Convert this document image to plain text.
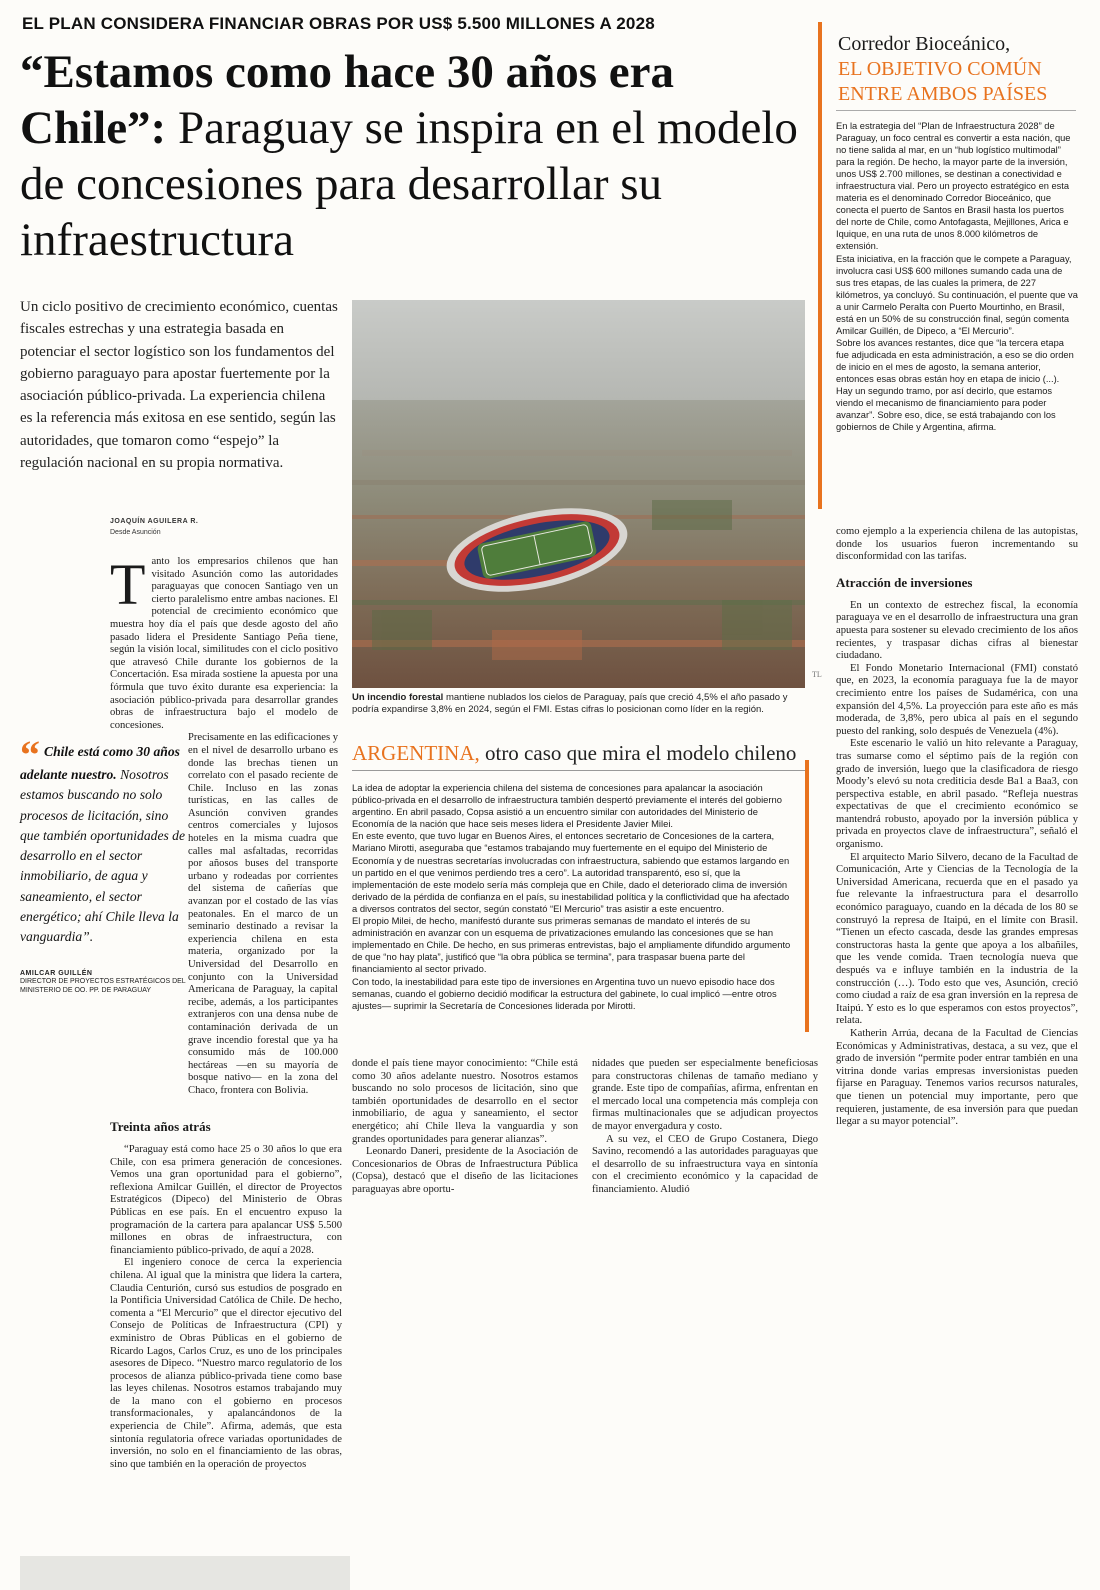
EL PLAN CONSIDERA FINANCIAR OBRAS POR US$ 5.500 MILLONES A 2028
“Estamos como hace 30 años era Chile”: Paraguay se inspira en el modelo de concesiones para desarrollar su infraestructura

Un ciclo positivo de crecimiento económico, cuentas fiscales estrechas y una estrategia basada en potenciar el sector logístico son los fundamentos del gobierno paraguayo para apostar fuertemente por la asociación público-privada. La experiencia chilena es la referencia más exitosa en ese sentido, según las autoridades, que tomaron como “espejo” la regulación nacional en su propia normativa.

JOAQUÍN AGUILERA R.
Desde Asunción
T anto los empresarios chilenos que han visitado Asunción como las autoridades paraguayas que conocen Santiago ven un cierto paralelismo entre ambas naciones. El potencial de crecimiento económico que muestra hoy día el país que desde agosto del año pasado lidera el Presidente Santiago Peña tiene, según la visión local, similitudes con el ciclo positivo que atravesó Chile durante los gobiernos de la Concertación. Esa mirada sostiene la apuesta por una fórmula que tuvo éxito durante esa experiencia: la asociación público-privada para desarrollar grandes obras de infraestructura bajo el modelo de concesiones.

Precisamente en las edificaciones y en el nivel de desarrollo urbano es donde las brechas tienen un correlato con el pasado reciente de Chile. Incluso en las zonas turísticas, en las calles de Asunción conviven grandes centros comerciales y lujosos hoteles en la misma cuadra que calles mal asfaltadas, recorridas por añosos buses del transporte urbano y rodeadas por corrientes del sistema de cañerías que avanzan por el costado de las vías peatonales. En el marco de un seminario destinado a revisar la experiencia chilena en esta materia, organizado por la Universidad del Desarrollo en conjunto con la Universidad Americana de Paraguay, la capital recibe, además, a los participantes extranjeros con una densa nube de contaminación derivada de un grave incendio forestal que ya ha consumido más de 100.000 hectáreas —en su mayoría de bosque nativo— en la zona del Chaco, frontera con Bolivia.

“ Chile está como 30 años adelante nuestro. Nosotros estamos buscando no solo procesos de licitación, sino que también oportunidades de desarrollo en el sector inmobiliario, de agua y saneamiento, el sector energético; ahí Chile lleva la vanguardia”.
AMILCAR GUILLÉN
DIRECTOR DE PROYECTOS ESTRATÉGICOS DEL MINISTERIO DE OO. PP. DE PARAGUAY

Treinta años atrás

“Paraguay está como hace 25 o 30 años lo que era Chile, con esa primera generación de concesiones. Vemos una gran oportunidad para el gobierno”, reflexiona Amilcar Guillén, el director de Proyectos Estratégicos (Dipeco) del Ministerio de Obras Públicas en ese país. En el encuentro expuso la programación de la cartera para apalancar US$ 5.500 millones en obras de infraestructura, con financiamiento público-privado, de aquí a 2028.

El ingeniero conoce de cerca la experiencia chilena. Al igual que la ministra que lidera la cartera, Claudia Centurión, cursó sus estudios de posgrado en la Pontificia Universidad Católica de Chile. De hecho, comenta a “El Mercurio” que el director ejecutivo del Consejo de Políticas de Infraestructura (CPI) y exministro de Obras Públicas en el gobierno de Ricardo Lagos, Carlos Cruz, es uno de los principales asesores de Dipeco. “Nuestro marco regulatorio de los procesos de alianza público-privada tiene como base las leyes chilenas. Nosotros estamos trabajando muy de la mano con el gobierno en procesos transformacionales, y apalancándonos de la experiencia de Chile”. Afirma, además, que esta sintonía regulatoria ofrece variadas oportunidades de inversión, no solo en el financiamiento de las obras, sino que también en la operación de proyectos

donde el país tiene mayor conocimiento: “Chile está como 30 años adelante nuestro. Nosotros estamos buscando no solo procesos de licitación, sino que también oportunidades de desarrollo en el sector inmobiliario, de agua y saneamiento, el sector energético; ahí Chile lleva la vanguardia y son grandes oportunidades para generar alianzas”.

Leonardo Daneri, presidente de la Asociación de Concesionarios de Obras de Infraestructura Pública (Copsa), destacó que el diseño de las licitaciones paraguayas abre oportu-

nidades que pueden ser especialmente beneficiosas para constructoras chilenas de tamaño mediano y grande. Este tipo de compañías, afirma, enfrentan en el mercado local una competencia más compleja con firmas multinacionales que se adjudican proyectos de mayor envergadura y costo.

A su vez, el CEO de Grupo Costanera, Diego Savino, recomendó a las autoridades paraguayas que el desarrollo de su infraestructura vaya en sintonía con el crecimiento económico y la capacidad de financiamiento. Aludió

Un incendio forestal mantiene nublados los cielos de Paraguay, país que creció 4,5% el año pasado y podría expandirse 3,8% en 2024, según el FMI. Estas cifras lo posicionan como líder en la región.
ARGENTINA, otro caso que mira el modelo chileno

La idea de adoptar la experiencia chilena del sistema de concesiones para apalancar la asociación público-privada en el desarrollo de infraestructura también despertó previamente el interés del gobierno argentino. En abril pasado, Copsa asistió a un encuentro similar con autoridades del Ministerio de Economía de la nación que hace seis meses lidera el Presidente Javier Milei.

En este evento, que tuvo lugar en Buenos Aires, el entonces secretario de Concesiones de la cartera, Mariano Mirotti, aseguraba que “estamos trabajando muy fuertemente en el equipo del Ministerio de Economía y de nuestras secretarías involucradas con infraestructura, sabiendo que estamos largando en un partido en el que venimos perdiendo tres a cero”. La autoridad transparentó, eso sí, que la implementación de este modelo sería más compleja que en Chile, dado el deteriorado clima de inversión derivado de la pérdida de confianza en el país, su inestabilidad política y la conflictividad que ha afectado a diversos contratos del sector, según constató “El Mercurio” tras asistir a este encuentro.

El propio Milei, de hecho, manifestó durante sus primeras semanas de mandato el interés de su administración en avanzar con un esquema de privatizaciones emulando las concesiones que se han implementado en Chile. De hecho, en sus primeras entrevistas, bajo el ampliamente difundido argumento de que “no hay plata”, justificó que “la obra pública se termina”, para traspasar buena parte del financiamiento al sector privado.

Con todo, la inestabilidad para este tipo de inversiones en Argentina tuvo un nuevo episodio hace dos semanas, cuando el gobierno decidió modificar la estructura del gabinete, lo cual implicó —entre otros ajustes— suprimir la Secretaría de Concesiones liderada por Mirotti.

Corredor Bioceánico,
EL OBJETIVO COMÚN ENTRE AMBOS PAÍSES

En la estrategia del “Plan de Infraestructura 2028” de Paraguay, un foco central es convertir a esta nación, que no tiene salida al mar, en un “hub logístico multimodal” para la región. De hecho, la mayor parte de la inversión, unos US$ 2.700 millones, se destinan a conectividad e infraestructura vial. Pero un proyecto estratégico en esta materia es el denominado Corredor Bioceánico, que conecta el puerto de Santos en Brasil hasta los puertos del norte de Chile, como Antofagasta, Mejillones, Arica e Iquique, en una ruta de unos 8.000 kilómetros de extensión.

Esta iniciativa, en la fracción que le compete a Paraguay, involucra casi US$ 600 millones sumando cada una de sus tres etapas, de las cuales la primera, de 227 kilómetros, ya concluyó. Su continuación, el puente que va a unir Carmelo Peralta con Puerto Mourtinho, en Brasil, está en un 50% de su construcción final, según comenta Amilcar Guillén, de Dipeco, a “El Mercurio”.

Sobre los avances restantes, dice que “la tercera etapa fue adjudicada en esta administración, a eso se dio orden de inicio en el mes de agosto, la semana anterior, entonces esas obras están hoy en etapa de inicio (...). Hay un segundo tramo, por así decirlo, que estamos viendo el mecanismo de financiamiento para poder avanzar”. Sobre eso, dice, se está trabajando con los gobiernos de Chile y Argentina, afirma.

TL

como ejemplo a la experiencia chilena de las autopistas, donde los usuarios fueron incrementando su disconformidad con las tarifas.

Atracción de inversiones

En un contexto de estrechez fiscal, la economía paraguaya ve en el desarrollo de infraestructura una gran apuesta para sostener su elevado crecimiento de los años recientes, y traspasar dichas cifras al bienestar ciudadano.

El Fondo Monetario Internacional (FMI) constató que, en 2023, la economía paraguaya fue la de mayor crecimiento entre los países de Sudamérica, con una expansión del 4,5%. La proyección para este año es más moderada, de 3,8%, pero ubica al país en el segundo puesto del ranking, solo después de Venezuela (4%).

Este escenario le valió un hito relevante a Paraguay, tras sumarse como el séptimo país de la región con grado de inversión, luego que la clasificadora de riesgo Moody’s elevó su nota crediticia desde Ba1 a Baa3, con perspectiva estable, en abril pasado. “Refleja nuestras expectativas de que el crecimiento económico se mantendrá robusto, apoyado por la inversión pública y privada en proyectos clave de infraestructura”, señaló el organismo.

El arquitecto Mario Silvero, decano de la Facultad de Comunicación, Arte y Ciencias de la Tecnología de la Universidad Americana, recuerda que en el pasado ya fue relevante la infraestructura para el desarrollo económico paraguayo, cuando en la década de los 80 se construyó la represa de Itaipú, en el límite con Brasil. “Tienen un efecto cascada, desde las grandes empresas constructoras hasta la gente que apoya a los albañiles, que les vende comida. Traen tecnología nueva que después va e influye también en la industria de la construcción (…). Todo esto que ves, Asunción, creció como ciudad a raíz de esa gran inversión en la represa de Itaipú. Y esto es lo que esperamos con estos proyectos”, relata.

Katherin Arrúa, decana de la Facultad de Ciencias Económicas y Administrativas, destaca, a su vez, que el grado de inversión “permite poder entrar también en una vitrina donde varias empresas inversionistas pueden fijarse en Paraguay. Tenemos varios recursos naturales, que tienen un potencial muy importante, pero que requieren, justamente, de esa inversión para que puedan llegar a su mayor potencial”.
